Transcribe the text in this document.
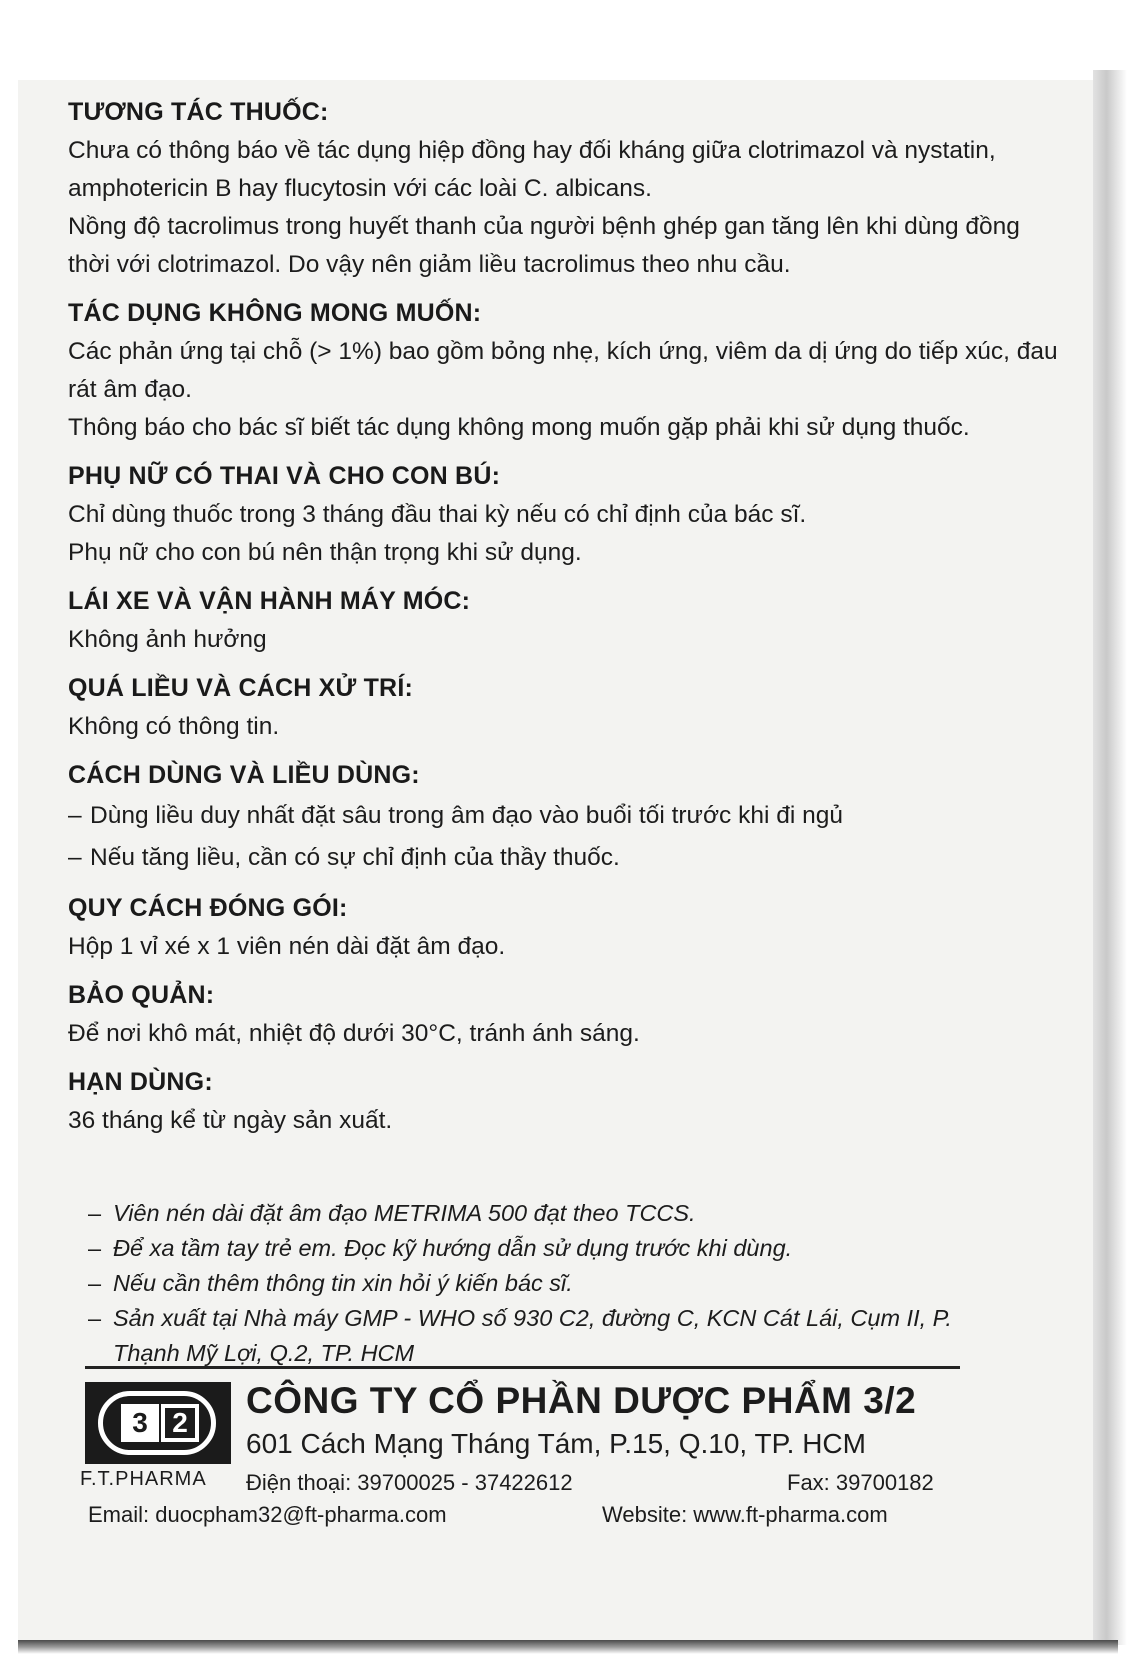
TƯƠNG TÁC THUỐC:

Chưa có thông báo về tác dụng hiệp đồng hay đối kháng giữa clotrimazol và nystatin, amphotericin B hay flucytosin với các loài C. albicans.

Nồng độ tacrolimus trong huyết thanh của người bệnh ghép gan tăng lên khi dùng đồng thời với clotrimazol. Do vậy nên giảm liều tacrolimus theo nhu cầu.

TÁC DỤNG KHÔNG MONG MUỐN:

Các phản ứng tại chỗ (> 1%) bao gồm bỏng nhẹ, kích ứng, viêm da dị ứng do tiếp xúc, đau rát âm đạo.

Thông báo cho bác sĩ biết tác dụng không mong muốn gặp phải khi sử dụng thuốc.

PHỤ NỮ CÓ THAI VÀ CHO CON BÚ:

Chỉ dùng thuốc trong 3 tháng đầu thai kỳ nếu có chỉ định của bác sĩ.

Phụ nữ cho con bú nên thận trọng khi sử dụng.

LÁI XE VÀ VẬN HÀNH MÁY MÓC:

Không ảnh hưởng

QUÁ LIỀU VÀ CÁCH XỬ TRÍ:

Không có thông tin.

CÁCH DÙNG VÀ LIỀU DÙNG:
– Dùng liều duy nhất đặt sâu trong âm đạo vào buổi tối trước khi đi ngủ
– Nếu tăng liều, cần có sự chỉ định của thầy thuốc.
QUY CÁCH ĐÓNG GÓI:

Hộp 1 vỉ xé x 1 viên nén dài đặt âm đạo.

BẢO QUẢN:

Để nơi khô mát, nhiệt độ dưới 30°C, tránh ánh sáng.

HẠN DÙNG:

36 tháng kể từ ngày sản xuất.

– Viên nén dài đặt âm đạo METRIMA 500 đạt theo TCCS.
– Để xa tầm tay trẻ em. Đọc kỹ hướng dẫn sử dụng trước khi dùng.
– Nếu cần thêm thông tin xin hỏi ý kiến bác sĩ.
– Sản xuất tại Nhà máy GMP - WHO số 930 C2, đường C, KCN Cát Lái, Cụm II, P. Thạnh Mỹ Lợi, Q.2, TP. HCM
3 2
F.T.PHARMA
CÔNG TY CỔ PHẦN DƯỢC PHẨM 3/2
601 Cách Mạng Tháng Tám, P.15, Q.10, TP. HCM
Điện thoại: 39700025 - 37422612	Fax: 39700182
Email: duocpham32@ft-pharma.com	Website: www.ft-pharma.com
